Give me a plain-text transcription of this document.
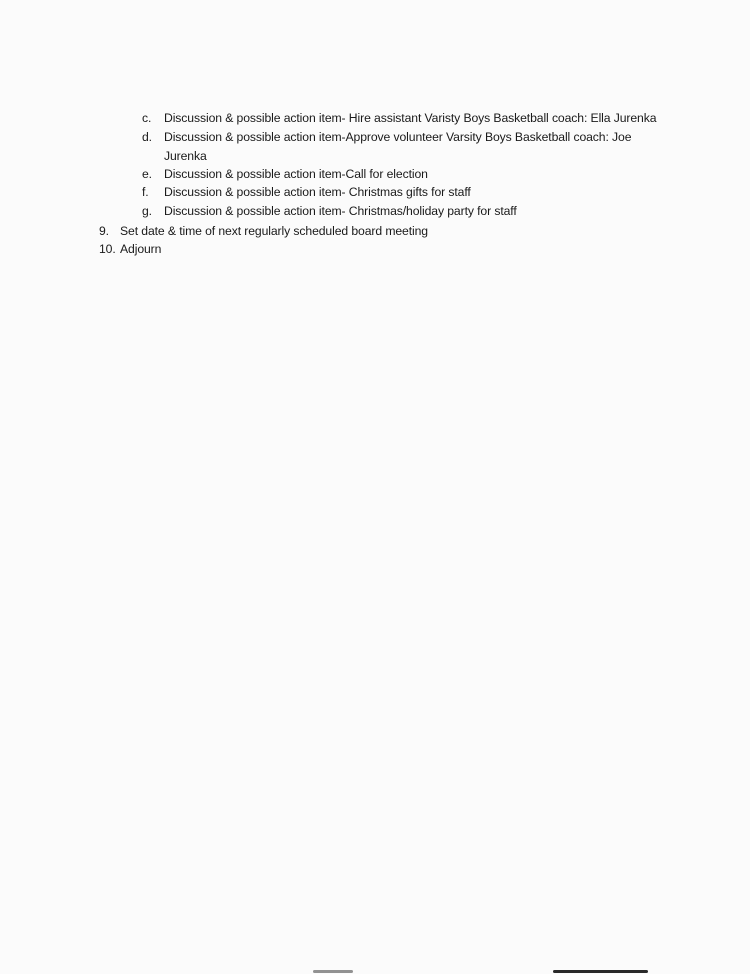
c. Discussion & possible action item- Hire assistant Varisty Boys Basketball coach: Ella Jurenka
d. Discussion & possible action item-Approve volunteer Varsity Boys Basketball coach: Joe
Jurenka
e. Discussion & possible action item-Call for election
f. Discussion & possible action item- Christmas gifts for staff
g. Discussion & possible action item- Christmas/holiday party for staff
9. Set date & time of next regularly scheduled board meeting
10. Adjourn
